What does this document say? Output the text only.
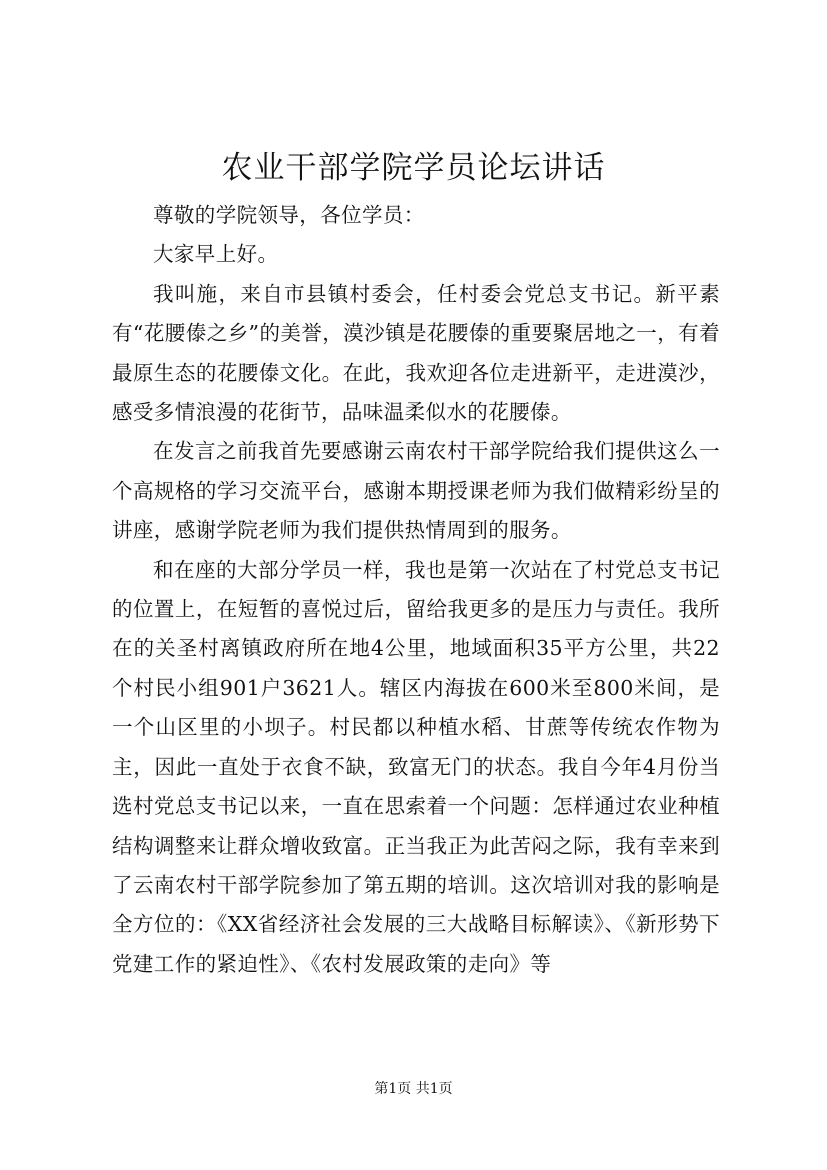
农业干部学院学员论坛讲话

尊敬的学院领导，各位学员：

大家早上好。

我叫施，来自市县镇村委会，任村委会党总支书记。新平素有“花腰傣之乡”的美誉，漠沙镇是花腰傣的重要聚居地之一，有着最原生态的花腰傣文化。在此，我欢迎各位走进新平，走进漠沙，感受多情浪漫的花街节，品味温柔似水的花腰傣。

在发言之前我首先要感谢云南农村干部学院给我们提供这么一个高规格的学习交流平台，感谢本期授课老师为我们做精彩纷呈的讲座，感谢学院老师为我们提供热情周到的服务。

和在座的大部分学员一样，我也是第一次站在了村党总支书记的位置上，在短暂的喜悦过后，留给我更多的是压力与责任。我所在的关圣村离镇政府所在地4公里，地域面积35平方公里，共22个村民小组901户3621人。辖区内海拔在600米至800米间，是一个山区里的小坝子。村民都以种植水稻、甘蔗等传统农作物为主，因此一直处于衣食不缺，致富无门的状态。我自今年4月份当选村党总支书记以来，一直在思索着一个问题：怎样通过农业种植结构调整来让群众增收致富。正当我正为此苦闷之际，我有幸来到了云南农村干部学院参加了第五期的培训。这次培训对我的影响是全方位的：《XX省经济社会发展的三大战略目标解读》、《新形势下党建工作的紧迫性》、《农村发展政策的走向》等

第1页 共1页
